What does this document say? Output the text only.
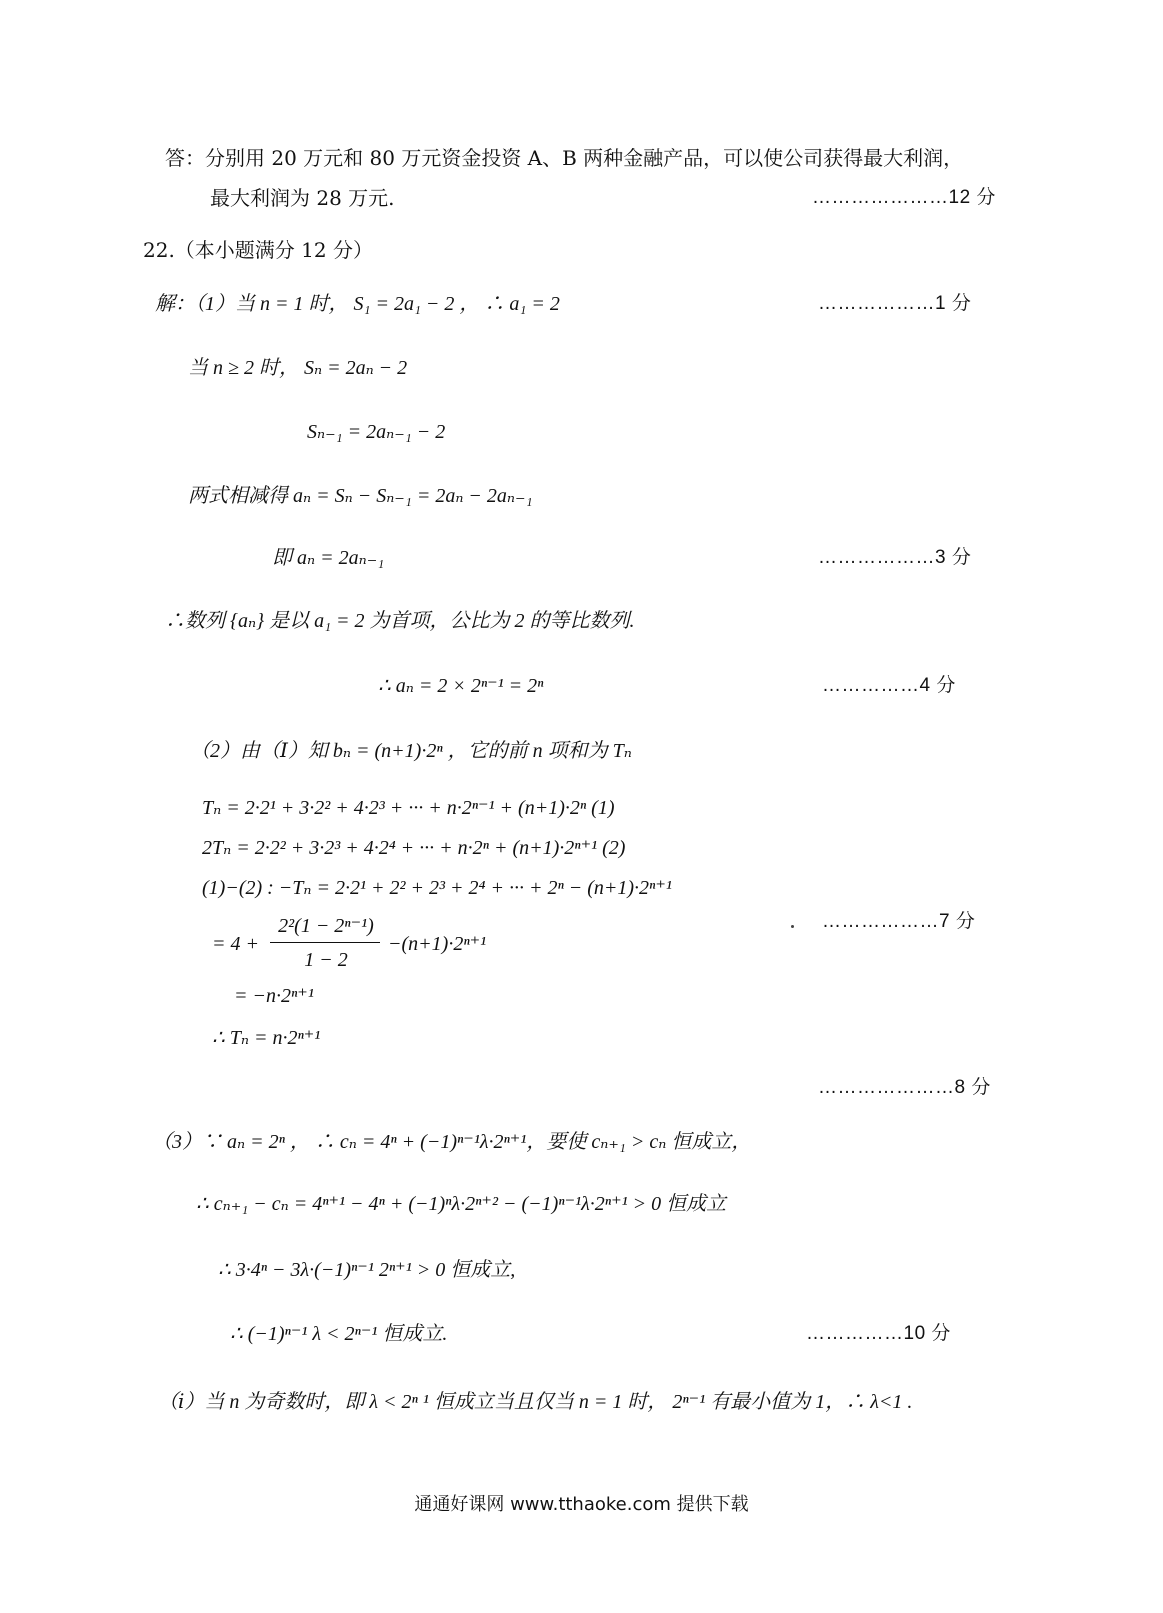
答：分别用 20 万元和 80 万元资金投资 A、B 两种金融产品，可以使公司获得最大利润，
最大利润为 28 万元.	…………………12 分
22.（本小题满分 12 分）
解：（1）当 n = 1 时， S₁ = 2a₁ − 2 ， ∴ a₁ = 2	………………1 分
当 n ≥ 2 时， Sₙ = 2aₙ − 2
Sₙ₋₁ = 2aₙ₋₁ − 2
两式相减得 aₙ = Sₙ − Sₙ₋₁ = 2aₙ − 2aₙ₋₁
即 aₙ = 2aₙ₋₁	………………3 分
∴数列 {aₙ} 是以 a₁ = 2 为首项，公比为 2 的等比数列.
∴ aₙ = 2 × 2ⁿ⁻¹ = 2ⁿ	……………4 分
（2）由（Ⅰ）知 bₙ = (n+1)·2ⁿ ，它的前 n 项和为 Tₙ
Tₙ = 2·2¹ + 3·2² + 4·2³ + ··· + n·2ⁿ⁻¹ + (n+1)·2ⁿ (1)
2Tₙ = 2·2² + 3·2³ + 4·2⁴ + ··· + n·2ⁿ + (n+1)·2ⁿ⁺¹ (2)
(1)−(2) : −Tₙ = 2·2¹ + 2² + 2³ + 2⁴ + ··· + 2ⁿ − (n+1)·2ⁿ⁺¹
= 4 +
2²(1 − 2ⁿ⁻¹)
1 − 2
−(n+1)·2ⁿ⁺¹
………………7 分
= −n·2ⁿ⁺¹
∴ Tₙ = n·2ⁿ⁺¹
…………………8 分
（3）∵ aₙ = 2ⁿ ， ∴ cₙ = 4ⁿ + (−1)ⁿ⁻¹λ·2ⁿ⁺¹，要使 cₙ₊₁ > cₙ 恒成立，
∴ cₙ₊₁ − cₙ = 4ⁿ⁺¹ − 4ⁿ + (−1)ⁿλ·2ⁿ⁺² − (−1)ⁿ⁻¹λ·2ⁿ⁺¹ > 0 恒成立
∴ 3·4ⁿ − 3λ·(−1)ⁿ⁻¹ 2ⁿ⁺¹ > 0 恒成立,
∴ (−1)ⁿ⁻¹ λ < 2ⁿ⁻¹ 恒成立.	……………10 分
（ⅰ）当 n 为奇数时，即 λ < 2ⁿ ¹ 恒成立当且仅当 n = 1 时， 2ⁿ⁻¹ 有最小值为 1，∴ λ<1 .
通通好课网 www.tthaoke.com 提供下载
